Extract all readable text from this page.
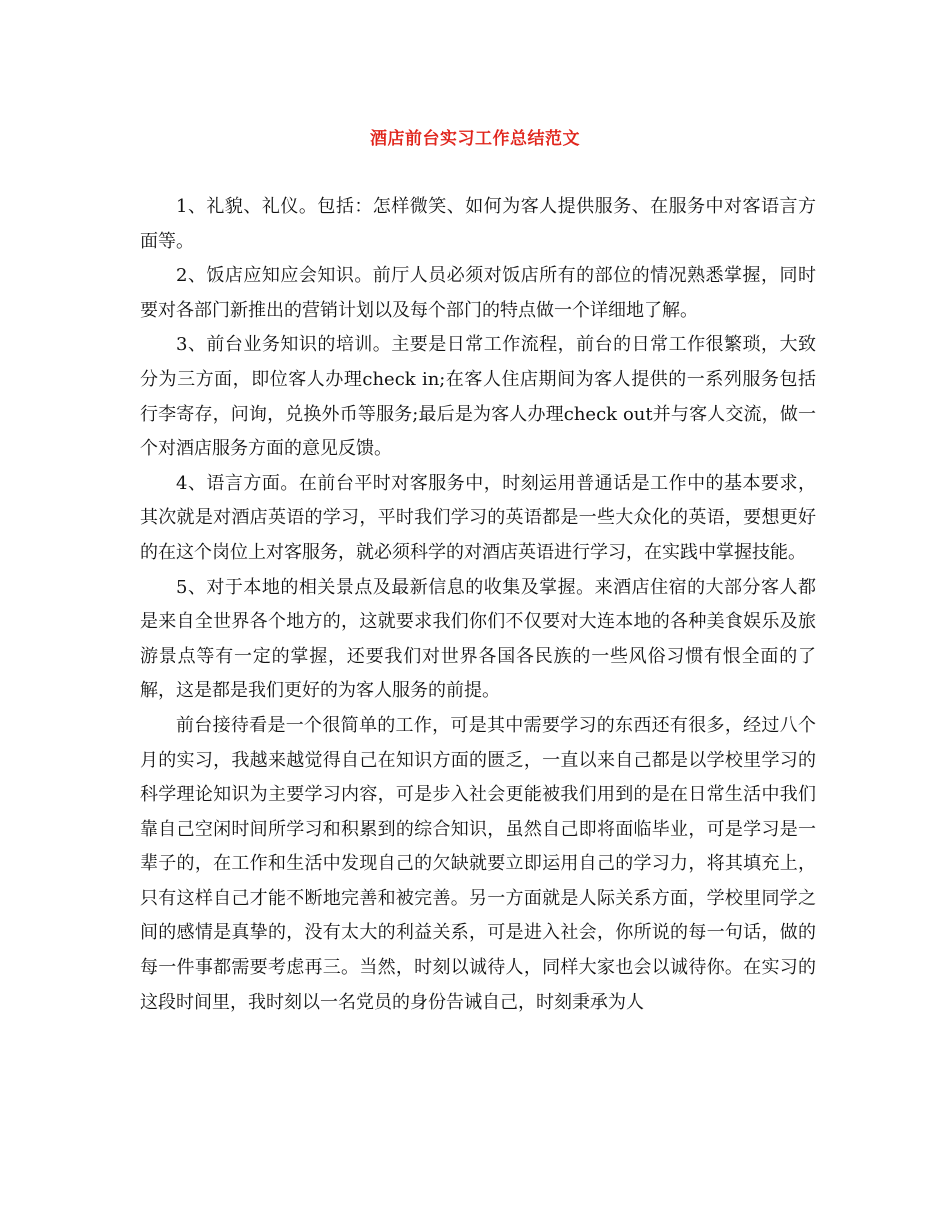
酒店前台实习工作总结范文

1、礼貌、礼仪。包括：怎样微笑、如何为客人提供服务、在服务中对客语言方面等。

2、饭店应知应会知识。前厅人员必须对饭店所有的部位的情况熟悉掌握，同时要对各部门新推出的营销计划以及每个部门的特点做一个详细地了解。

3、前台业务知识的培训。主要是日常工作流程，前台的日常工作很繁琐，大致分为三方面，即位客人办理check in;在客人住店期间为客人提供的一系列服务包括行李寄存，问询，兑换外币等服务;最后是为客人办理check out并与客人交流，做一个对酒店服务方面的意见反馈。

4、语言方面。在前台平时对客服务中，时刻运用普通话是工作中的基本要求，其次就是对酒店英语的学习，平时我们学习的英语都是一些大众化的英语，要想更好的在这个岗位上对客服务，就必须科学的对酒店英语进行学习，在实践中掌握技能。

5、对于本地的相关景点及最新信息的收集及掌握。来酒店住宿的大部分客人都是来自全世界各个地方的，这就要求我们你们不仅要对大连本地的各种美食娱乐及旅游景点等有一定的掌握，还要我们对世界各国各民族的一些风俗习惯有恨全面的了解，这是都是我们更好的为客人服务的前提。

前台接待看是一个很简单的工作，可是其中需要学习的东西还有很多，经过八个月的实习，我越来越觉得自己在知识方面的匮乏，一直以来自己都是以学校里学习的科学理论知识为主要学习内容，可是步入社会更能被我们用到的是在日常生活中我们靠自己空闲时间所学习和积累到的综合知识，虽然自己即将面临毕业，可是学习是一辈子的，在工作和生活中发现自己的欠缺就要立即运用自己的学习力，将其填充上，只有这样自己才能不断地完善和被完善。另一方面就是人际关系方面，学校里同学之间的感情是真挚的，没有太大的利益关系，可是进入社会，你所说的每一句话，做的每一件事都需要考虑再三。当然，时刻以诚待人，同样大家也会以诚待你。在实习的这段时间里，我时刻以一名党员的身份告诫自己，时刻秉承为人
